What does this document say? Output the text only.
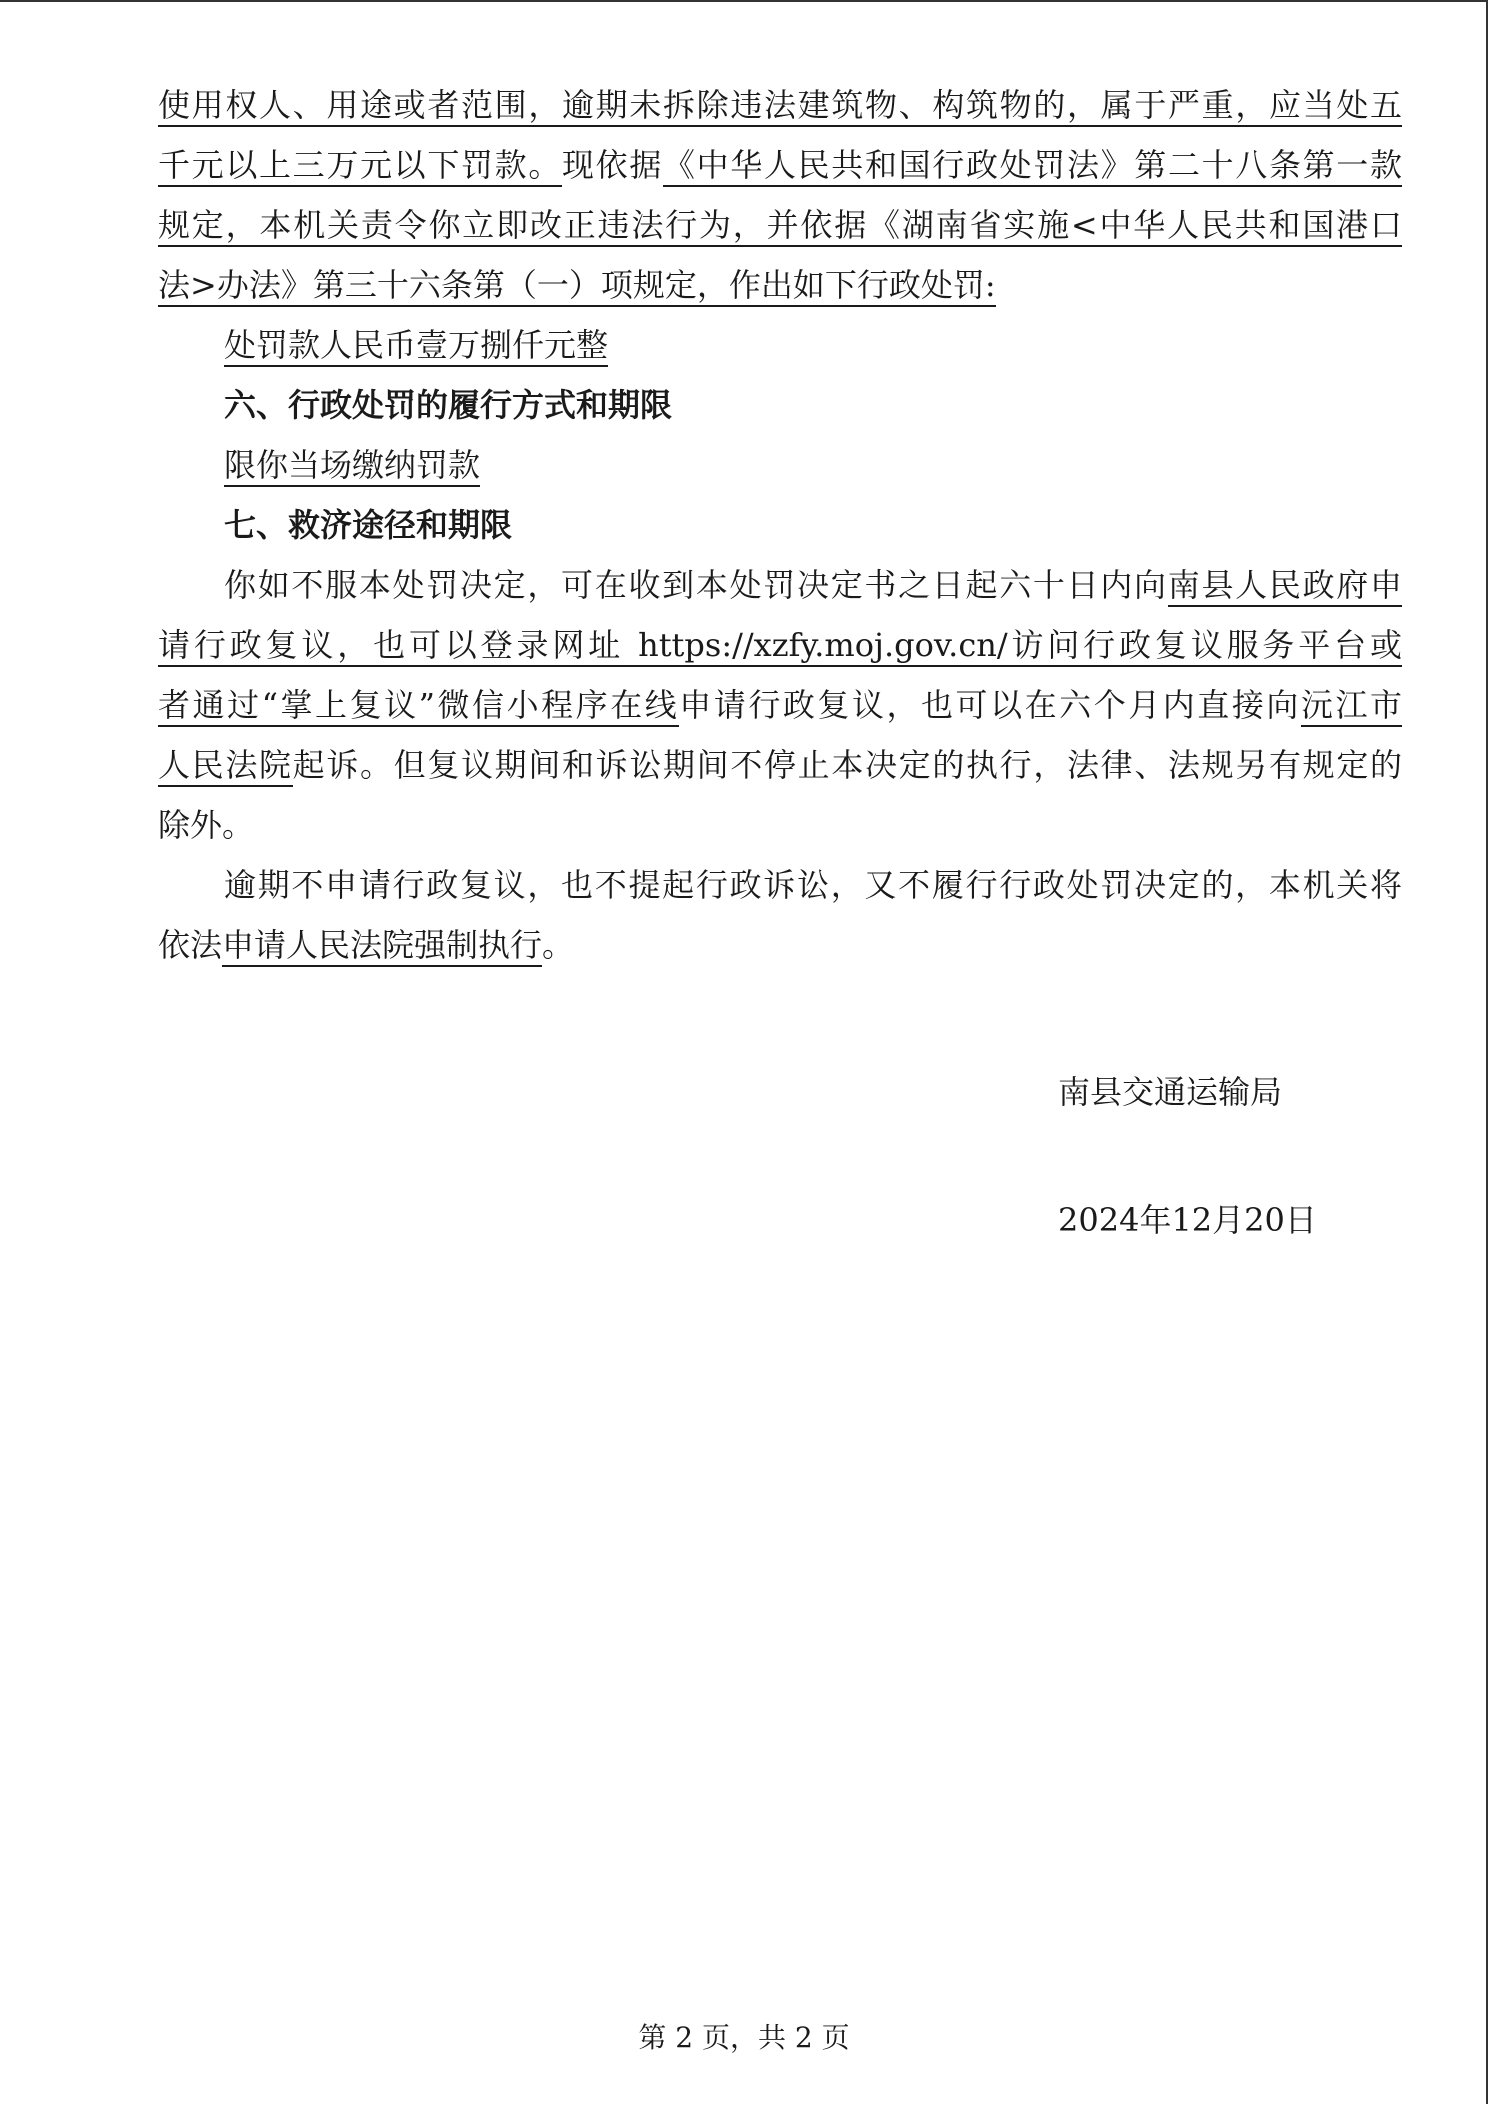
使用权人、用途或者范围，逾期未拆除违法建筑物、构筑物的，属于严重，应当处五
千元以上三万元以下罚款。现依据《中华人民共和国行政处罚法》第二十八条第一款
规定，本机关责令你立即改正违法行为，并依据《湖南省实施<中华人民共和国港口
法>办法》第三十六条第（一）项规定，作出如下行政处罚:
处罚款人民币壹万捌仟元整
六、行政处罚的履行方式和期限
限你当场缴纳罚款
七、救济途径和期限
你如不服本处罚决定，可在收到本处罚决定书之日起六十日内向南县人民政府申
请行政复议，也可以登录网址 https://xzfy.moj.gov.cn/访问行政复议服务平台或
者通过“掌上复议”微信小程序在线申请行政复议，也可以在六个月内直接向沅江市
人民法院起诉。但复议期间和诉讼期间不停止本决定的执行，法律、法规另有规定的
除外。
逾期不申请行政复议，也不提起行政诉讼，又不履行行政处罚决定的，本机关将
依法申请人民法院强制执行。
南县交通运输局
2024年12月20日
第 2 页，共 2 页
